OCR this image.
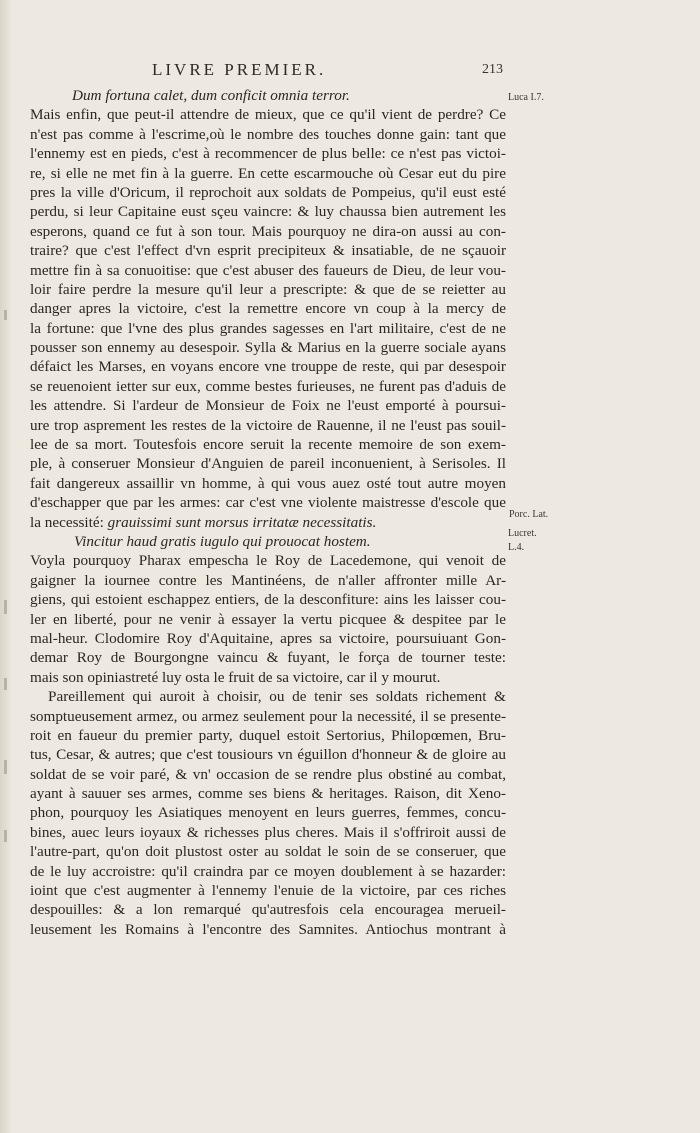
LIVRE PREMIER.	213
Luca I.7.
Porc. Lat.
Lucret.
L.4.
Dum fortuna calet, dum conficit omnia terror.
Mais enfin, que peut-il attendre de mieux, que ce qu'il vient de perdre? Ce
n'est pas comme à l'escrime,où le nombre des touches donne gain: tant que
l'ennemy est en pieds, c'est à recommencer de plus belle: ce n'est pas victoi-
re, si elle ne met fin à la guerre. En cette escarmouche où Cesar eut du pire
pres la ville d'Oricum, il reprochoit aux soldats de Pompeius, qu'il eust esté
perdu, si leur Capitaine eust sçeu vaincre: & luy chaussa bien autrement les
esperons, quand ce fut à son tour. Mais pourquoy ne dira-on aussi au con-
traire? que c'est l'effect d'vn esprit precipiteux & insatiable, de ne sçauoir
mettre fin à sa conuoitise: que c'est abuser des faueurs de Dieu, de leur vou-
loir faire perdre la mesure qu'il leur a prescripte: & que de se reietter au
danger apres la victoire, c'est la remettre encore vn coup à la mercy de
la fortune: que l'vne des plus grandes sagesses en l'art militaire, c'est de ne
pousser son ennemy au desespoir. Sylla & Marius en la guerre sociale ayans
défaict les Marses, en voyans encore vne trouppe de reste, qui par desespoir
se reuenoient ietter sur eux, comme bestes furieuses, ne furent pas d'aduis de
les attendre. Si l'ardeur de Monsieur de Foix ne l'eust emporté à poursui-
ure trop asprement les restes de la victoire de Rauenne, il ne l'eust pas souil-
lee de sa mort. Toutesfois encore seruit la recente memoire de son exem-
ple, à conseruer Monsieur d'Anguien de pareil inconuenient, à Serisoles. Il
fait dangereux assaillir vn homme, à qui vous auez osté tout autre moyen
d'eschapper que par les armes: car c'est vne violente maistresse d'escole que
la necessité: grauissimi sunt morsus irritatæ necessitatis.
Vincitur haud gratis iugulo qui prouocat hostem.
Voyla pourquoy Pharax empescha le Roy de Lacedemone, qui venoit de
gaigner la iournee contre les Mantinéens, de n'aller affronter mille Ar-
giens, qui estoient eschappez entiers, de la desconfiture: ains les laisser cou-
ler en liberté, pour ne venir à essayer la vertu picquee & despitee par le
mal-heur. Clodomire Roy d'Aquitaine, apres sa victoire, poursuiuant Gon-
demar Roy de Bourgongne vaincu & fuyant, le força de tourner teste:
mais son opiniastreté luy osta le fruit de sa victoire, car il y mourut.
Pareillement qui auroit à choisir, ou de tenir ses soldats richement &
somptueusement armez, ou armez seulement pour la necessité, il se presente-
roit en faueur du premier party, duquel estoit Sertorius, Philopœmen, Bru-
tus, Cesar, & autres; que c'est tousiours vn éguillon d'honneur & de gloire au
soldat de se voir paré, & vn' occasion de se rendre plus obstiné au combat,
ayant à sauuer ses armes, comme ses biens & heritages. Raison, dit Xeno-
phon, pourquoy les Asiatiques menoyent en leurs guerres, femmes, concu-
bines, auec leurs ioyaux & richesses plus cheres. Mais il s'offriroit aussi de
l'autre-part, qu'on doit plustost oster au soldat le soin de se conseruer, que
de le luy accroistre: qu'il craindra par ce moyen doublement à se hazarder:
ioint que c'est augmenter à l'ennemy l'enuie de la victoire, par ces riches
despouilles: & a lon remarqué qu'autresfois cela encouragea merueil-
leusement les Romains à l'encontre des Samnites. Antiochus montrant à
